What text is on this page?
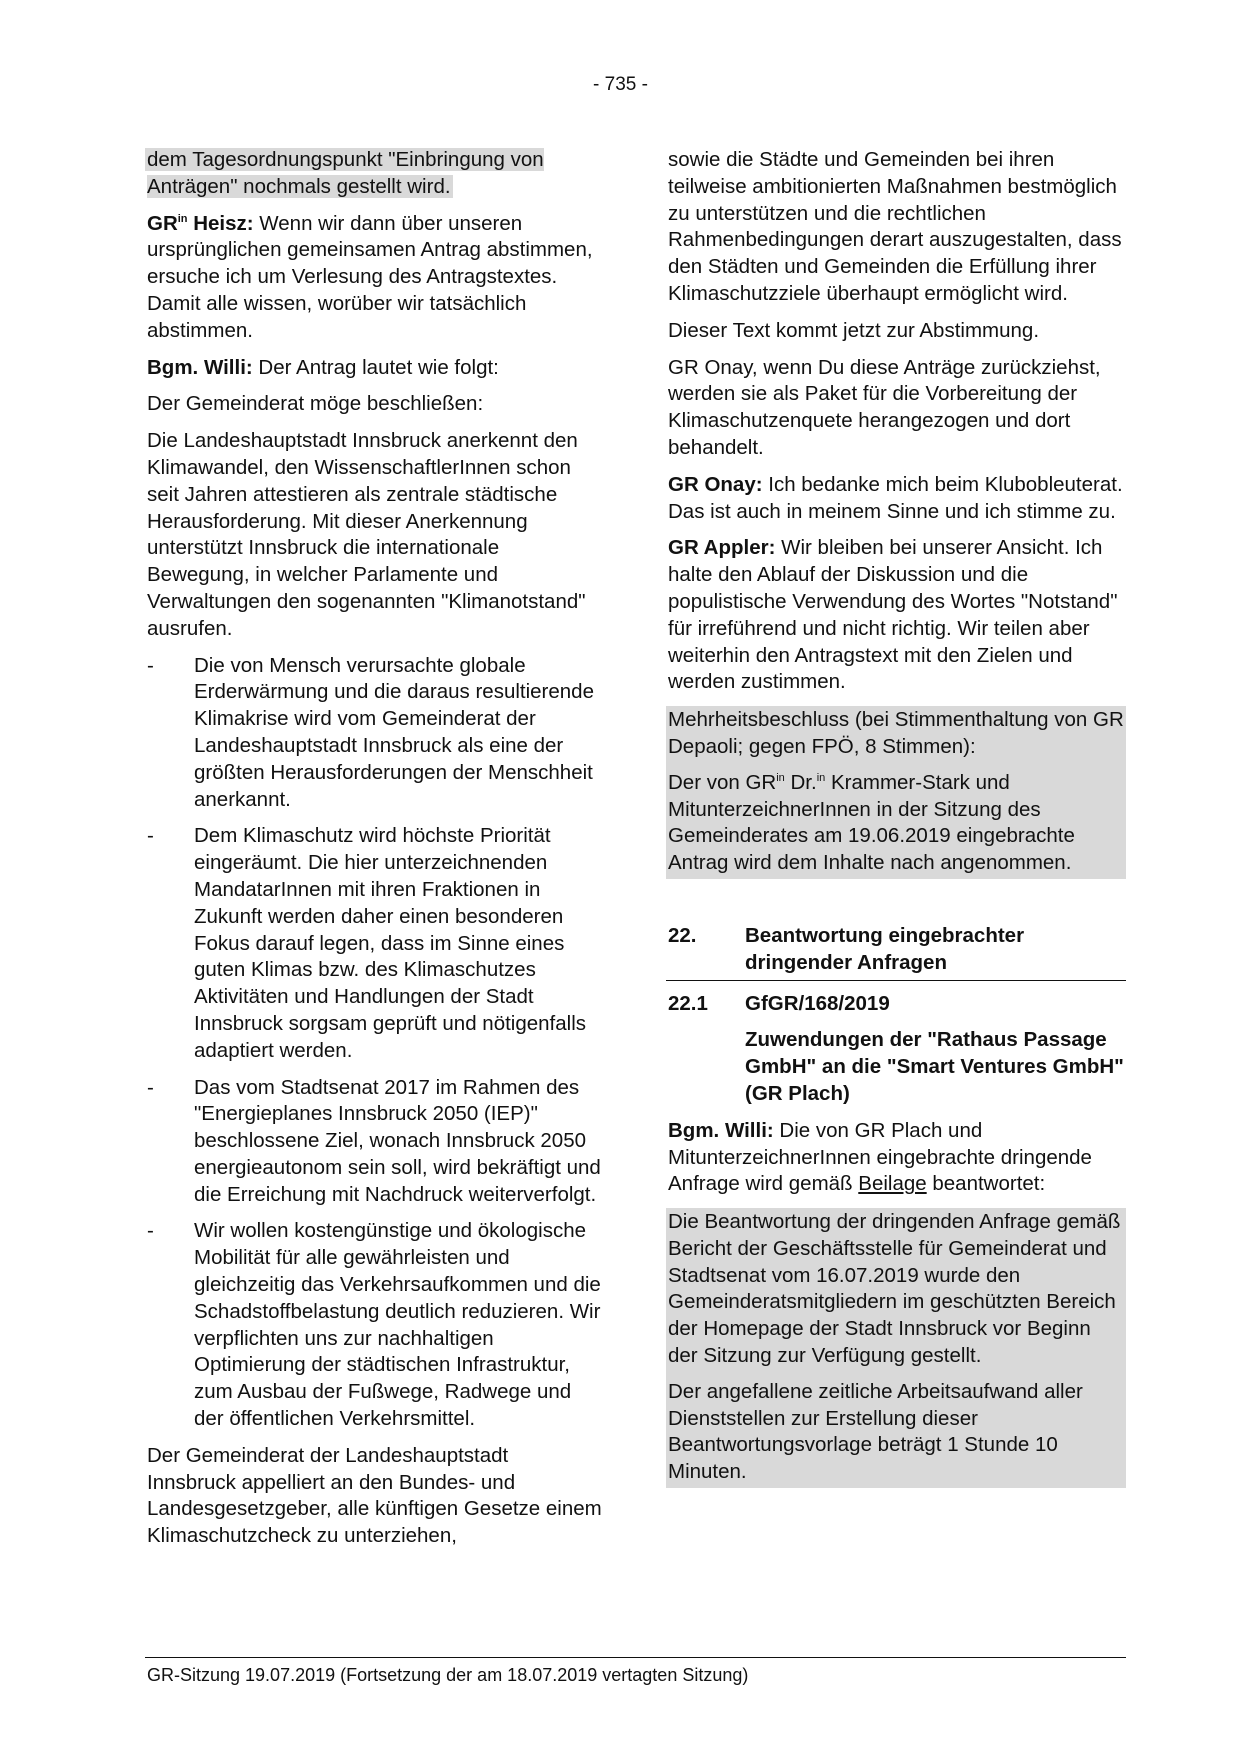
- 735 -

dem Tagesordnungspunkt "Einbringung von Anträgen" nochmals gestellt wird.

$GR^{in}$ Heisz: Wenn wir dann über unseren ursprünglichen gemeinsamen Antrag abstimmen, ersuche ich um Verlesung des Antragstextes. Damit alle wissen, worüber wir tatsächlich abstimmen.

Bgm. Willi: Der Antrag lautet wie folgt:

Der Gemeinderat möge beschließen:

Die Landeshauptstadt Innsbruck anerkennt den Klimawandel, den WissenschaftlerInnen schon seit Jahren attestieren als zentrale städtische Herausforderung. Mit dieser Anerkennung unterstützt Innsbruck die internationale Bewegung, in welcher Parlamente und Verwaltungen den sogenannten "Klimanotstand" ausrufen.

-	Die von Mensch verursachte globale Erderwärmung und die daraus resultierende Klimakrise wird vom Gemeinderat der Landeshauptstadt Innsbruck als eine der größten Herausforderungen der Menschheit anerkannt.
-	Dem Klimaschutz wird höchste Priorität eingeräumt. Die hier unterzeichnenden MandatarInnen mit ihren Fraktionen in Zukunft werden daher einen besonderen Fokus darauf legen, dass im Sinne eines guten Klimas bzw. des Klimaschutzes Aktivitäten und Handlungen der Stadt Innsbruck sorgsam geprüft und nötigenfalls adaptiert werden.
-	Das vom Stadtsenat 2017 im Rahmen des "Energieplanes Innsbruck 2050 (IEP)" beschlossene Ziel, wonach Innsbruck 2050 energieautonom sein soll, wird bekräftigt und die Erreichung mit Nachdruck weiterverfolgt.
-	Wir wollen kostengünstige und ökologische Mobilität für alle gewährleisten und gleichzeitig das Verkehrsaufkommen und die Schadstoffbelastung deutlich reduzieren. Wir verpflichten uns zur nachhaltigen Optimierung der städtischen Infrastruktur, zum Ausbau der Fußwege, Radwege und der öffentlichen Verkehrsmittel.

Der Gemeinderat der Landeshauptstadt Innsbruck appelliert an den Bundes- und Landesgesetzgeber, alle künftigen Gesetze einem Klimaschutzcheck zu unterziehen,

sowie die Städte und Gemeinden bei ihren teilweise ambitionierten Maßnahmen bestmöglich zu unterstützen und die rechtlichen Rahmenbedingungen derart auszugestalten, dass den Städten und Gemeinden die Erfüllung ihrer Klimaschutzziele überhaupt ermöglicht wird.

Dieser Text kommt jetzt zur Abstimmung.

GR Onay, wenn Du diese Anträge zurückziehst, werden sie als Paket für die Vorbereitung der Klimaschutzenquete herangezogen und dort behandelt.

GR Onay: Ich bedanke mich beim Klubobleuterat. Das ist auch in meinem Sinne und ich stimme zu.

GR Appler: Wir bleiben bei unserer Ansicht. Ich halte den Ablauf der Diskussion und die populistische Verwendung des Wortes "Notstand" für irreführend und nicht richtig. Wir teilen aber weiterhin den Antragstext mit den Zielen und werden zustimmen.

Mehrheitsbeschluss (bei Stimmenthaltung von GR Depaoli; gegen FPÖ, 8 Stimmen):

Der von $GR^{in}$ Dr.$^{in}$ Krammer-Stark und MitunterzeichnerInnen in der Sitzung des Gemeinderates am 19.06.2019 eingebrachte Antrag wird dem Inhalte nach angenommen.

22.	Beantwortung eingebrachter dringender Anfragen
22.1	GfGR/168/2019

Zuwendungen der "Rathaus Passage GmbH" an die "Smart Ventures GmbH" (GR Plach)

Bgm. Willi: Die von GR Plach und MitunterzeichnerInnen eingebrachte dringende Anfrage wird gemäß Beilage beantwortet:

Die Beantwortung der dringenden Anfrage gemäß Bericht der Geschäftsstelle für Gemeinderat und Stadtsenat vom 16.07.2019 wurde den Gemeinderatsmitgliedern im geschützten Bereich der Homepage der Stadt Innsbruck vor Beginn der Sitzung zur Verfügung gestellt.

Der angefallene zeitliche Arbeitsaufwand aller Dienststellen zur Erstellung dieser Beantwortungsvorlage beträgt 1 Stunde 10 Minuten.

GR-Sitzung 19.07.2019 (Fortsetzung der am 18.07.2019 vertagten Sitzung)
